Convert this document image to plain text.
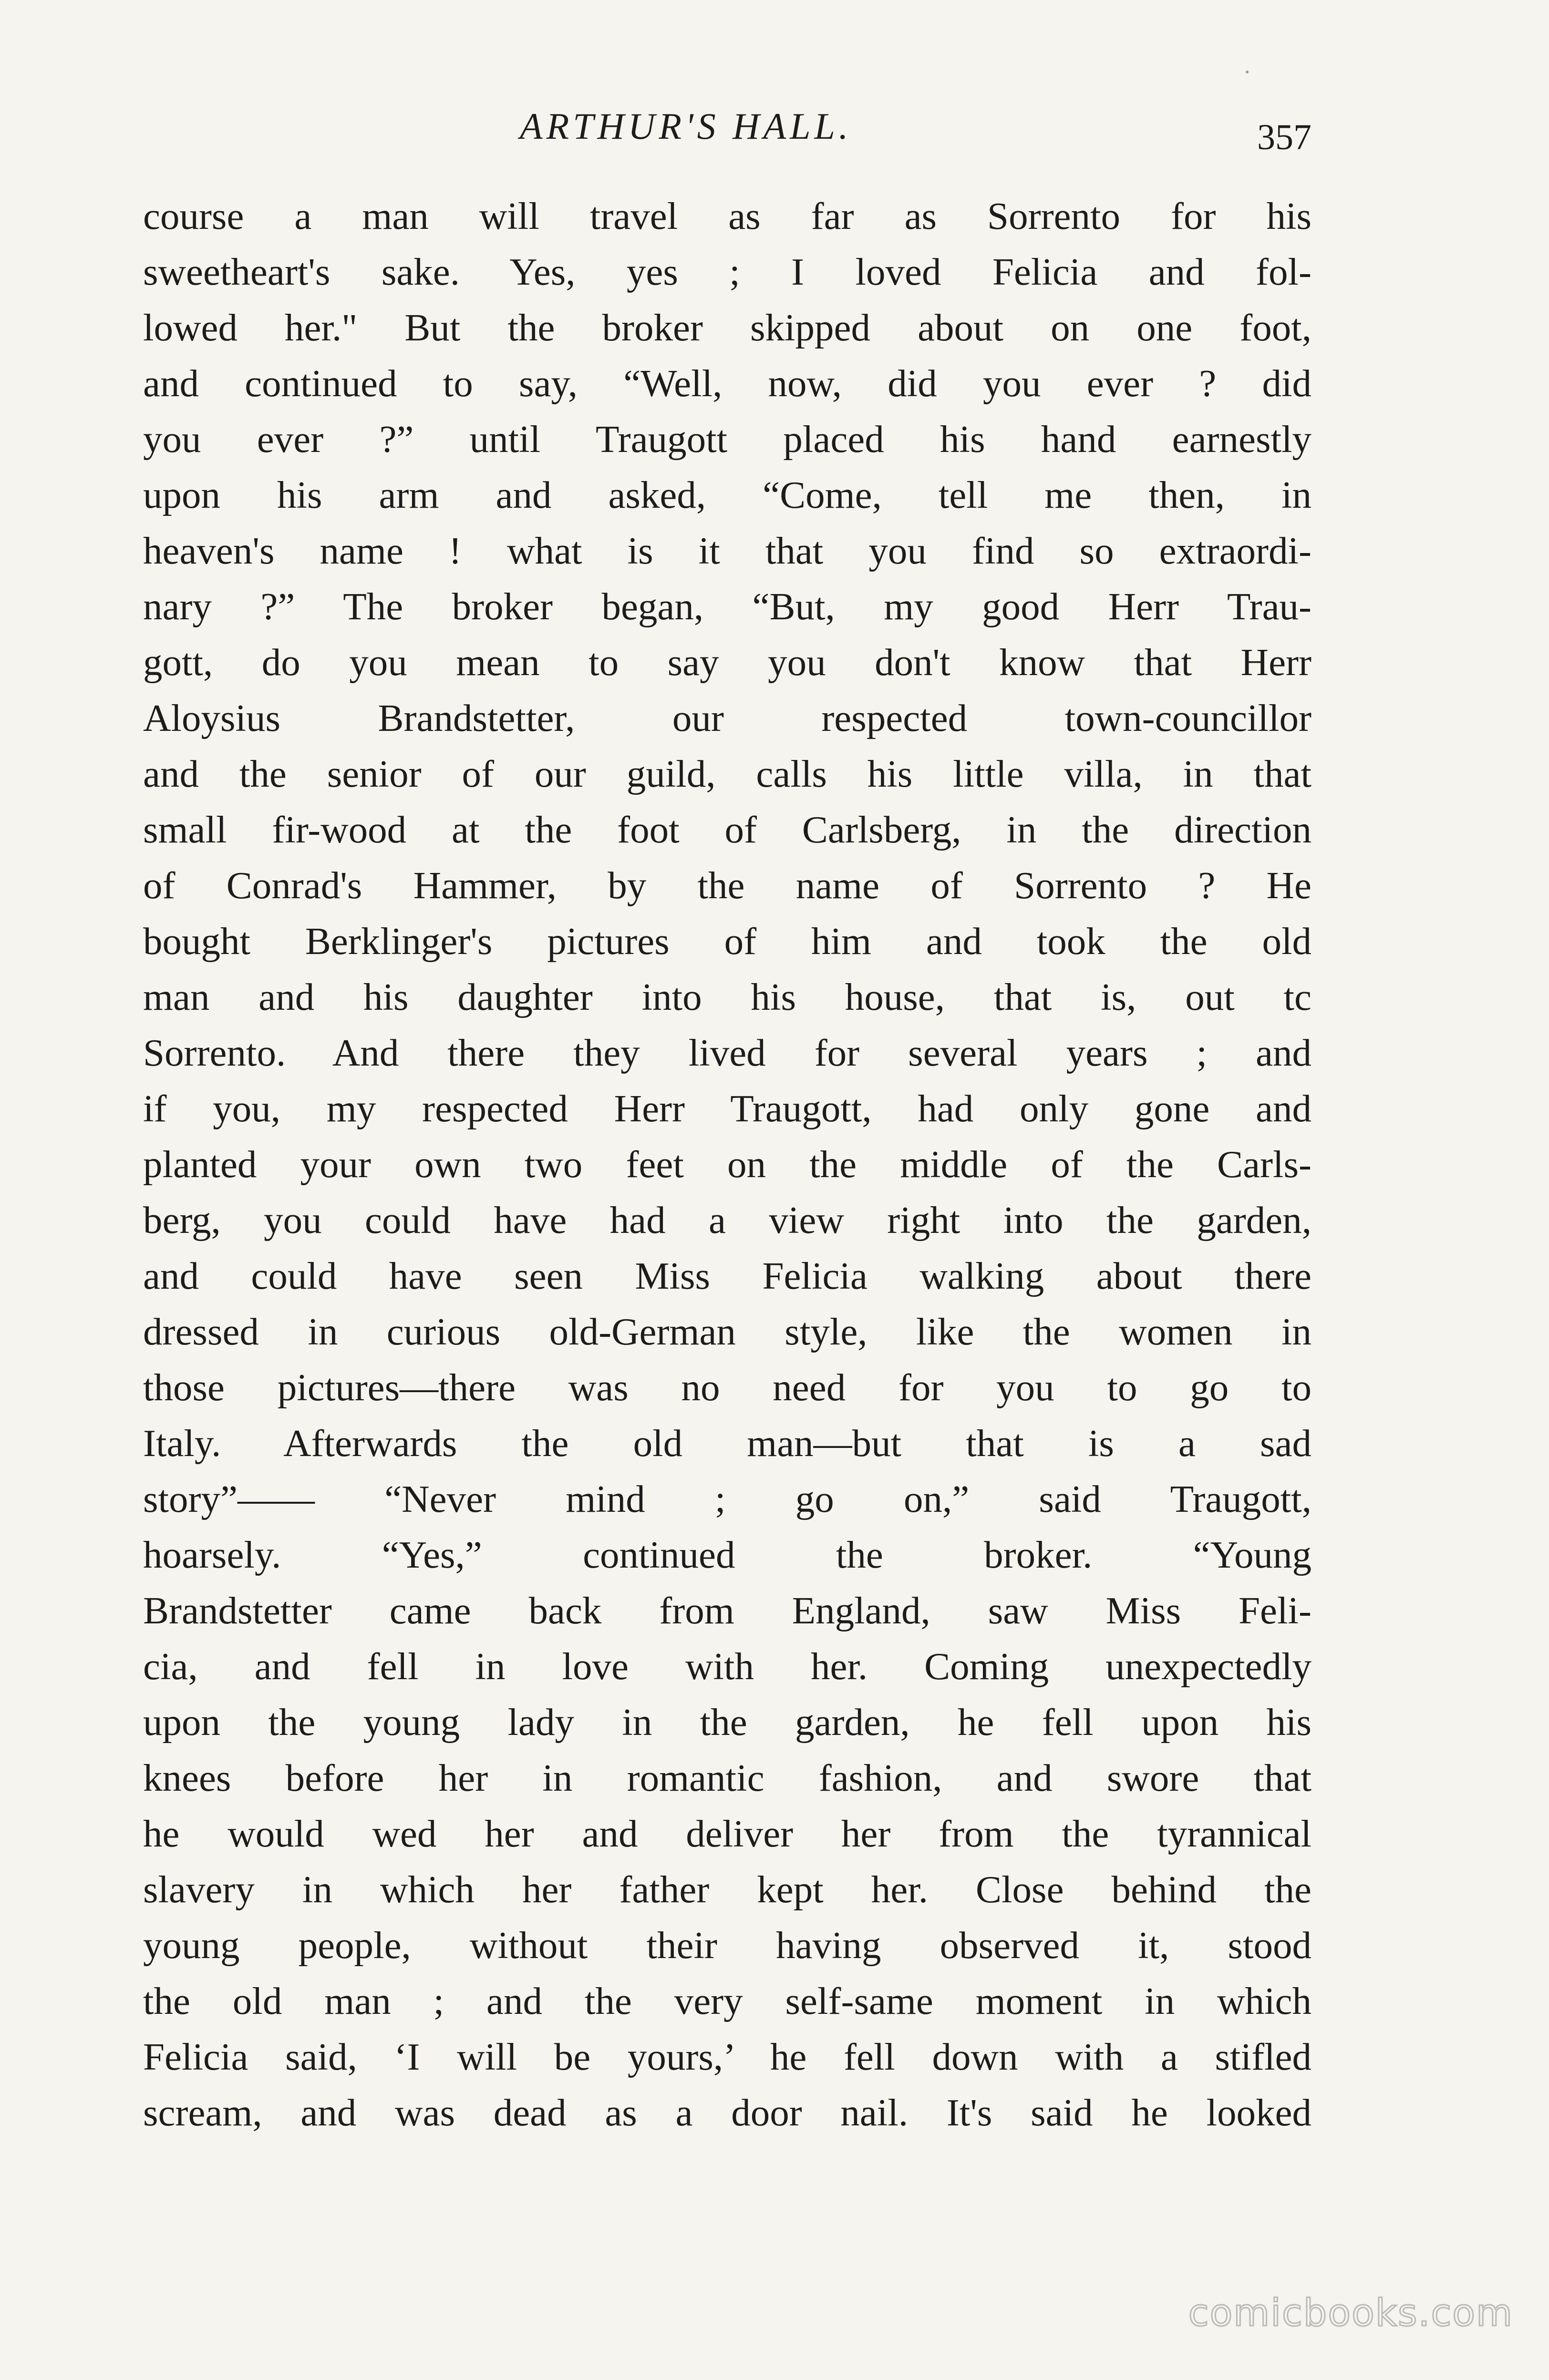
ARTHUR'S HALL.	357
course a man will travel as far as Sorrento for his
sweetheart's sake. Yes, yes ; I loved Felicia and fol-
lowed her." But the broker skipped about on one foot,
and continued to say, “Well, now, did you ever ? did
you ever ?” until Traugott placed his hand earnestly
upon his arm and asked, “Come, tell me then, in
heaven's name ! what is it that you find so extraordi-
nary ?” The broker began, “But, my good Herr Trau-
gott, do you mean to say you don't know that Herr
Aloysius Brandstetter, our respected town-councillor
and the senior of our guild, calls his little villa, in that
small fir-wood at the foot of Carlsberg, in the direction
of Conrad's Hammer, by the name of Sorrento ? He
bought Berklinger's pictures of him and took the old
man and his daughter into his house, that is, out tc
Sorrento. And there they lived for several years ; and
if you, my respected Herr Traugott, had only gone and
planted your own two feet on the middle of the Carls-
berg, you could have had a view right into the garden,
and could have seen Miss Felicia walking about there
dressed in curious old-German style, like the women in
those pictures—there was no need for you to go to
Italy. Afterwards the old man—but that is a sad
story”—— “Never mind ; go on,” said Traugott,
hoarsely. “Yes,” continued the broker. “Young
Brandstetter came back from England, saw Miss Feli-
cia, and fell in love with her. Coming unexpectedly
upon the young lady in the garden, he fell upon his
knees before her in romantic fashion, and swore that
he would wed her and deliver her from the tyrannical
slavery in which her father kept her. Close behind the
young people, without their having observed it, stood
the old man ; and the very self-same moment in which
Felicia said, ‘I will be yours,’ he fell down with a stifled
scream, and was dead as a door nail. It's said he looked
comicbooks.com
